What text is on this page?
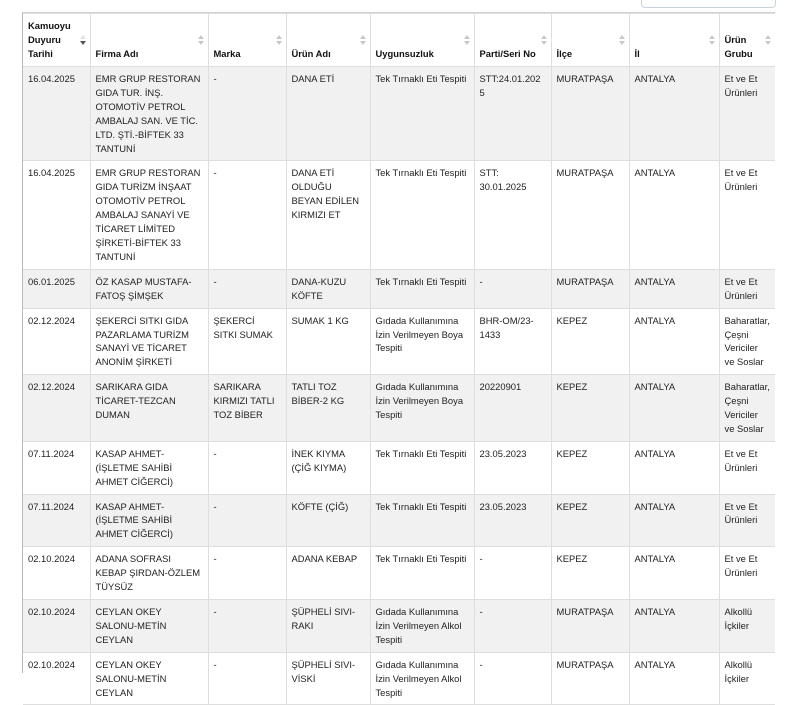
Kamuoyu Duyuru Tarihi	Firma Adı	Marka	Ürün Adı	Uygunsuzluk	Parti/Seri No	İlçe	İl	Ürün Grubu

16.04.2025	EMR GRUP RESTORAN GIDA TUR. İNŞ. OTOMOTİV PETROL AMBALAJ SAN. VE TİC. LTD. ŞTİ.-BİFTEK 33 TANTUNİ	-	DANA ETİ	Tek Tırnaklı Eti Tespiti	STT:24.01.2025	MURATPAŞA	ANTALYA	Et ve Et Ürünleri
16.04.2025	EMR GRUP RESTORAN GIDA TURİZM İNŞAAT OTOMOTİV PETROL AMBALAJ SANAYİ VE TİCARET LİMİTED ŞİRKETİ-BİFTEK 33 TANTUNİ	-	DANA ETİ OLDUĞU BEYAN EDİLEN KIRMIZI ET	Tek Tırnaklı Eti Tespiti	STT: 30.01.2025	MURATPAŞA	ANTALYA	Et ve Et Ürünleri
06.01.2025	ÖZ KASAP MUSTAFA-FATOŞ ŞİMŞEK	-	DANA-KUZU KÖFTE	Tek Tırnaklı Eti Tespiti	-	MURATPAŞA	ANTALYA	Et ve Et Ürünleri
02.12.2024	ŞEKERCİ SITKI GIDA PAZARLAMA TURİZM SANAYİ VE TİCARET ANONİM ŞİRKETİ	ŞEKERCİ SITKI SUMAK	SUMAK 1 KG	Gıdada Kullanımına İzin Verilmeyen Boya Tespiti	BHR-OM/23-1433	KEPEZ	ANTALYA	Baharatlar, Çeşni Vericiler ve Soslar
02.12.2024	SARIKARA GIDA TİCARET-TEZCAN DUMAN	SARIKARA KIRMIZI TATLI TOZ BİBER	TATLI TOZ BİBER-2 KG	Gıdada Kullanımına İzin Verilmeyen Boya Tespiti	20220901	KEPEZ	ANTALYA	Baharatlar, Çeşni Vericiler ve Soslar
07.11.2024	KASAP AHMET-(İŞLETME SAHİBİ AHMET CİĞERCİ)	-	İNEK KIYMA (ÇİĞ KIYMA)	Tek Tırnaklı Eti Tespiti	23.05.2023	KEPEZ	ANTALYA	Et ve Et Ürünleri
07.11.2024	KASAP AHMET-(İŞLETME SAHİBİ AHMET CİĞERCİ)	-	KÖFTE (ÇİĞ)	Tek Tırnaklı Eti Tespiti	23.05.2023	KEPEZ	ANTALYA	Et ve Et Ürünleri
02.10.2024	ADANA SOFRASI KEBAP ŞIRDAN-ÖZLEM TÜYSÜZ	-	ADANA KEBAP	Tek Tırnaklı Eti Tespiti	-	KEPEZ	ANTALYA	Et ve Et Ürünleri
02.10.2024	CEYLAN OKEY SALONU-METİN CEYLAN	-	ŞÜPHELİ SIVI-RAKI	Gıdada Kullanımına İzin Verilmeyen Alkol Tespiti	-	MURATPAŞA	ANTALYA	Alkollü İçkiler
02.10.2024	CEYLAN OKEY SALONU-METİN CEYLAN	-	ŞÜPHELİ SIVI-VİSKİ	Gıdada Kullanımına İzin Verilmeyen Alkol Tespiti	-	MURATPAŞA	ANTALYA	Alkollü İçkiler
